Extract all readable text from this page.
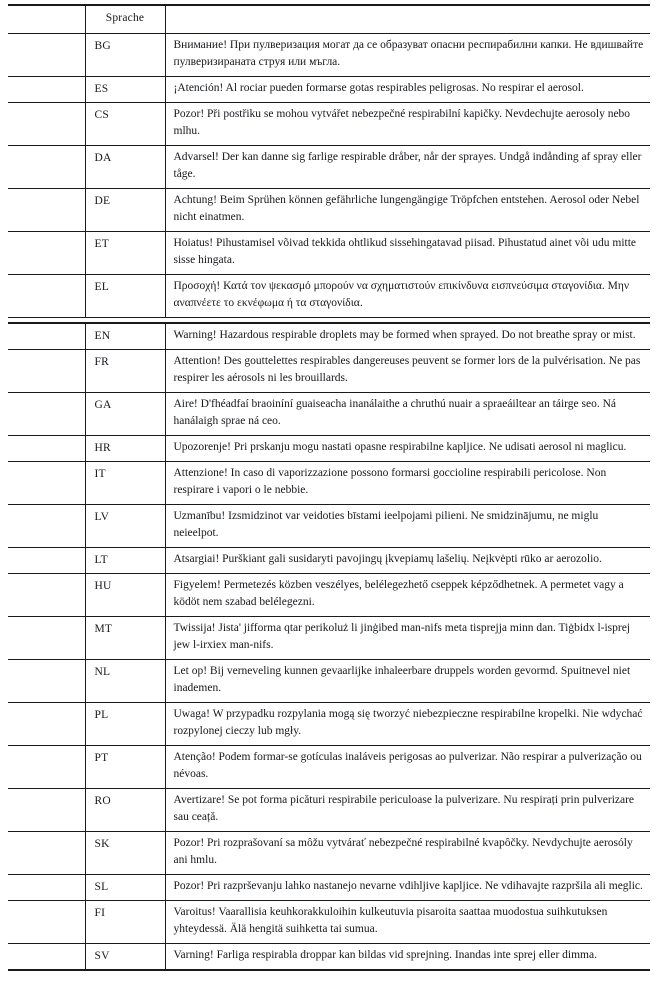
	Sprache	
	BG	Внимание! При пулверизация могат да се образуват опасни респирабилни капки. Не вдишвайте пулверизираната струя или мъгла.
	ES	¡Atención! Al rociar pueden formarse gotas respirables peligrosas. No respirar el aerosol.
	CS	Pozor! Při postřiku se mohou vytvářet nebezpečné respirabilní kapičky. Nevdechujte aerosoly nebo mlhu.
	DA	Advarsel! Der kan danne sig farlige respirable dråber, når der sprayes. Undgå indånding af spray eller tåge.
	DE	Achtung! Beim Sprühen können gefährliche lungengängige Tröpfchen entstehen. Aerosol oder Nebel nicht einatmen.
	ET	Hoiatus! Pihustamisel võivad tekkida ohtlikud sissehingatavad piisad. Pihustatud ainet või udu mitte sisse hingata.
	EL	Προσοχή! Κατά τον ψεκασμό μπορούν να σχηματιστούν επικίνδυνα εισπνεύσιμα σταγονίδια. Μην αναπνέετε το εκνέφωμα ή τα σταγονίδια.

	EN	Warning! Hazardous respirable droplets may be formed when sprayed. Do not breathe spray or mist.
	FR	Attention! Des gouttelettes respirables dangereuses peuvent se former lors de la pulvérisation. Ne pas respirer les aérosols ni les brouillards.
	GA	Aire! D'fhéadfaí braoiníní guaiseacha inanálaithe a chruthú nuair a spraeáiltear an táirge seo. Ná hanálaigh sprae ná ceo.
	HR	Upozorenje! Pri prskanju mogu nastati opasne respirabilne kapljice. Ne udisati aerosol ni maglicu.
	IT	Attenzione! In caso di vaporizzazione possono formarsi goccioline respirabili pericolose. Non respirare i vapori o le nebbie.
	LV	Uzmanību! Izsmidzinot var veidoties bīstami ieelpojami pilieni. Ne smidzinājumu, ne miglu neieelpot.
	LT	Atsargiai! Purškiant gali susidaryti pavojingų įkvepiamų lašelių. Neįkvėpti rūko ar aerozolio.
	HU	Figyelem! Permetezés közben veszélyes, belélegezhető cseppek képződhetnek. A permetet vagy a ködöt nem szabad belélegezni.
	MT	Twissija! Jista' jifforma qtar perikoluż li jinġibed man-nifs meta tisprejja minn dan. Tiġbidx l-isprej jew l-irxiex man-nifs.
	NL	Let op! Bij verneveling kunnen gevaarlijke inhaleerbare druppels worden gevormd. Spuitnevel niet inademen.
	PL	Uwaga! W przypadku rozpylania mogą się tworzyć niebezpieczne respirabilne kropelki. Nie wdychać rozpylonej cieczy lub mgły.
	PT	Atenção! Podem formar-se gotículas inaláveis perigosas ao pulverizar. Não respirar a pulverização ou névoas.
	RO	Avertizare! Se pot forma picături respirabile periculoase la pulverizare. Nu respirați prin pulverizare sau ceață.
	SK	Pozor! Pri rozprašovaní sa môžu vytvárať nebezpečné respirabilné kvapôčky. Nevdychujte aerosóly ani hmlu.
	SL	Pozor! Pri razprševanju lahko nastanejo nevarne vdihljive kapljice. Ne vdihavajte razpršila ali meglic.
	FI	Varoitus! Vaarallisia keuhkorakkuloihin kulkeutuvia pisaroita saattaa muodostua suihkutuksen yhteydessä. Älä hengitä suihketta tai sumua.
	SV	Varning! Farliga respirabla droppar kan bildas vid sprejning. Inandas inte sprej eller dimma.
